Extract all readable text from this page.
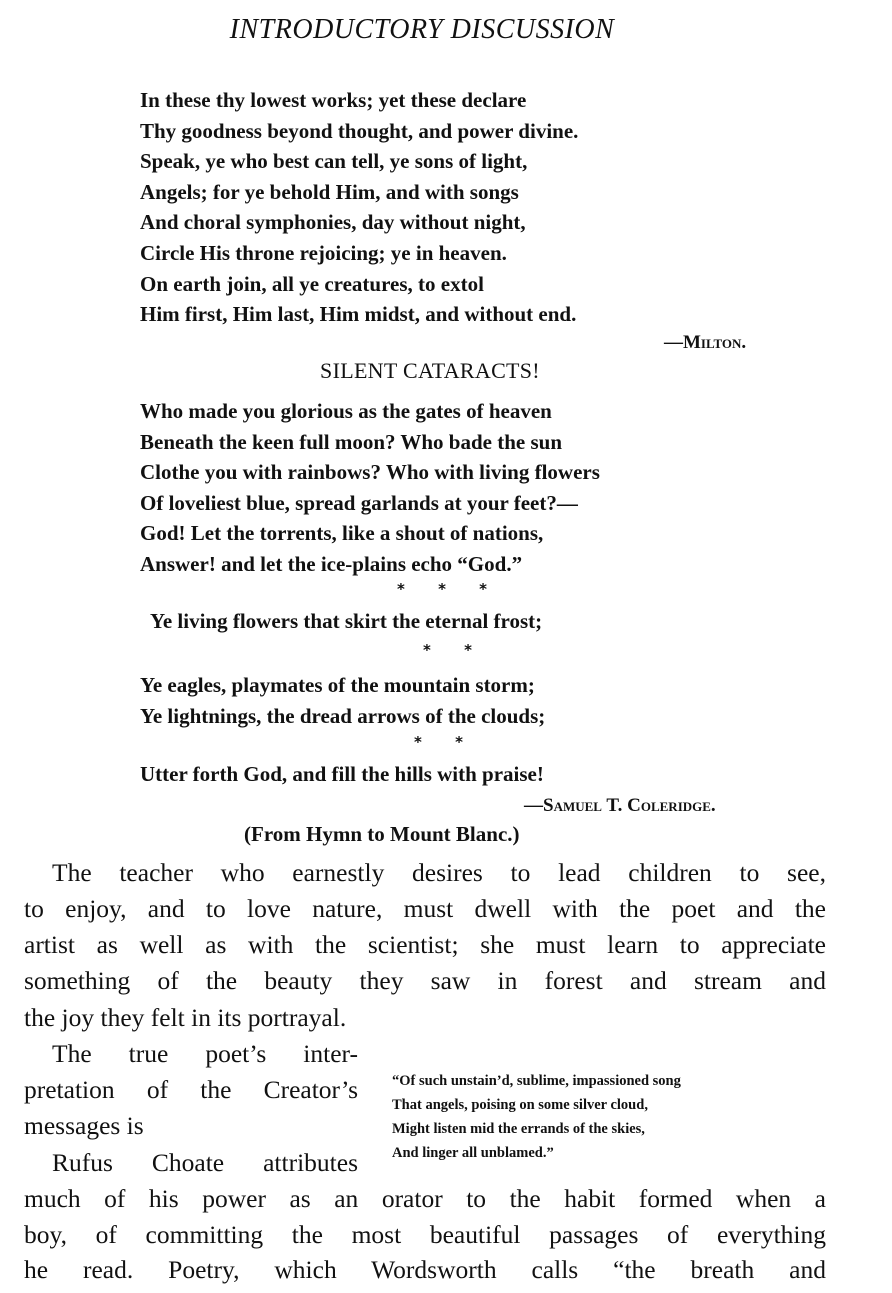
INTRODUCTORY DISCUSSION
In these thy lowest works; yet these declare
Thy goodness beyond thought, and power divine.
Speak, ye who best can tell, ye sons of light,
Angels; for ye behold Him, and with songs
And choral symphonies, day without night,
Circle His throne rejoicing; ye in heaven.
On earth join, all ye creatures, to extol
Him first, Him last, Him midst, and without end.
—Milton.
SILENT CATARACTS!
Who made you glorious as the gates of heaven
Beneath the keen full moon? Who bade the sun
Clothe you with rainbows? Who with living flowers
Of loveliest blue, spread garlands at your feet?—
God! Let the torrents, like a shout of nations,
Answer! and let the ice-plains echo “God.”
* * *
Ye living flowers that skirt the eternal frost;
* *
Ye eagles, playmates of the mountain storm;
Ye lightnings, the dread arrows of the clouds;
* *
Utter forth God, and fill the hills with praise!
—Samuel T. Coleridge.
(From Hymn to Mount Blanc.)
The teacher who earnestly desires to lead children to see,
to enjoy, and to love nature, must dwell with the poet and the
artist as well as with the scientist; she must learn to appreciate
something of the beauty they saw in forest and stream and
the joy they felt in its portrayal.
The true poet’s inter-
pretation of the Creator’s
messages is
“Of such unstain’d, sublime, impassioned song
That angels, poising on some silver cloud,
Might listen mid the errands of the skies,
And linger all unblamed.”
Rufus Choate attributes
much of his power as an orator to the habit formed when a
boy, of committing the most beautiful passages of everything
he read. Poetry, which Wordsworth calls “the breath and
